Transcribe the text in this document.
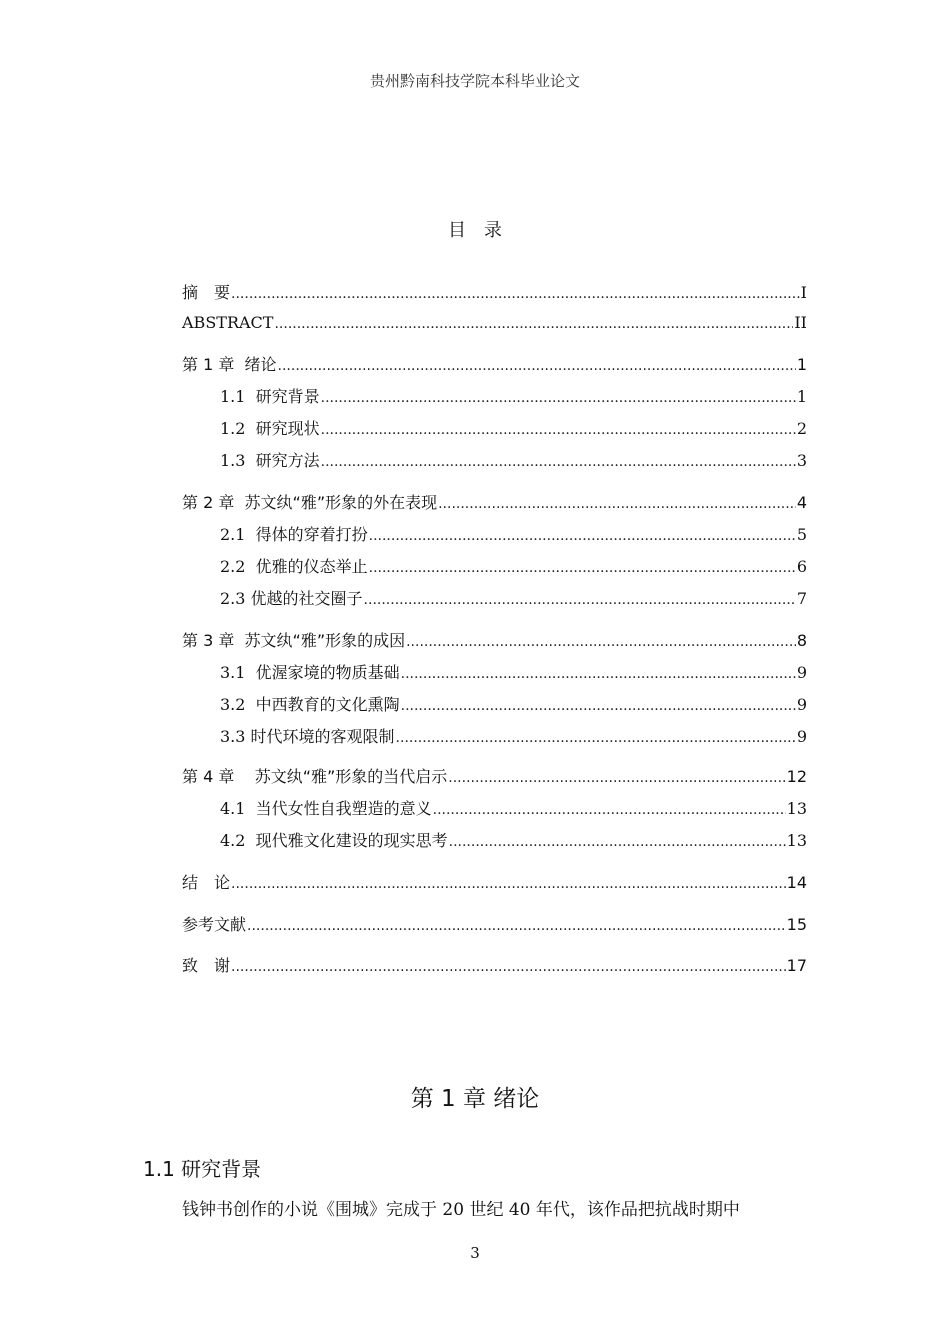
贵州黔南科技学院本科毕业论文
目录
摘　要 .....	I
ABSTRACT .....	II
第 1 章  绪论 .....	1
1.1  研究背景 .....	1
1.2  研究现状 .....	2
1.3  研究方法 .....	3
第 2 章  苏文纨“雅”形象的外在表现 .....	4
2.1  得体的穿着打扮 .....	5
2.2  优雅的仪态举止 .....	6
2.3 优越的社交圈子 .....	7
第 3 章  苏文纨“雅”形象的成因 .....	8
3.1  优渥家境的物质基础 .....	9
3.2  中西教育的文化熏陶 .....	9
3.3 时代环境的客观限制 .....	9
第 4 章    苏文纨“雅”形象的当代启示 .....	12
4.1  当代女性自我塑造的意义 .....	13
4.2  现代雅文化建设的现实思考 .....	13
结　论 .....	14
参考文献 .....	15
致　谢 .....	17
第 1 章 绪论
1.1 研究背景
钱钟书创作的小说《围城》完成于 20 世纪 40 年代，该作品把抗战时期中
3
